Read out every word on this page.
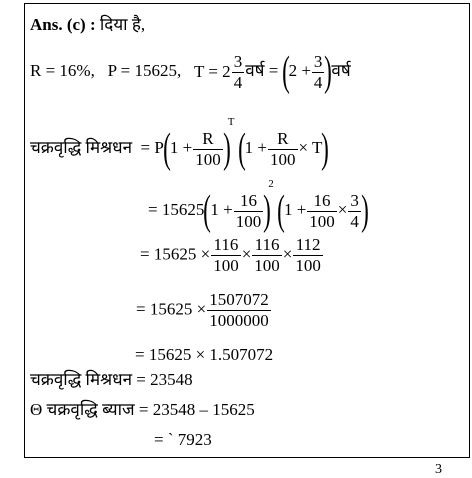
Ans. (c) : दिया है,
R = 16%, P = 15625, $T = 2 \frac{3}{4}$ वर्ष = ($2 + \frac{3}{4}$ )वर्ष
चक्रवृद्धि मिश्रधन = $P(1 + \frac{R}{100} )^T$ $(1 + \frac{R}{100} \times T)$
= $15625(1 + \frac{16}{100} )^2$ ($1 + \frac{16}{100} \times \frac{3}{4}$ )
= $15625 \times \frac{116}{100} \times \frac{116}{100} \times \frac{112}{100}$
= $15625 \times \frac{1507072}{1000000}$
= 15625 × 1.507072
चक्रवृद्धि मिश्रधन = 23548
Θ चक्रवृद्धि ब्याज = 23548 – 15625
= ` 7923
3
